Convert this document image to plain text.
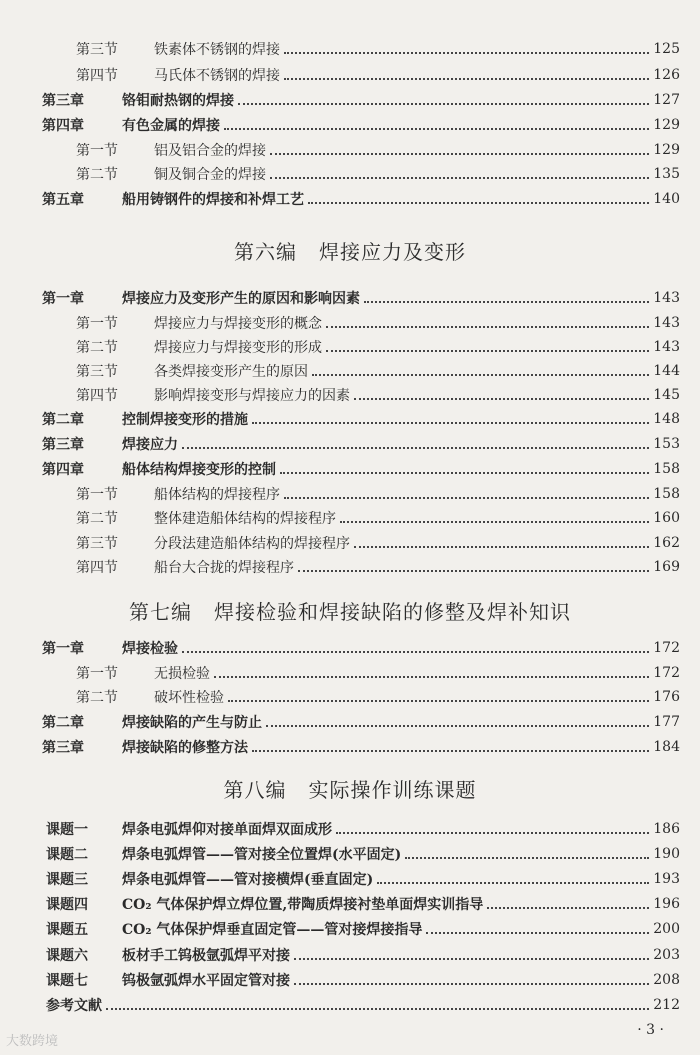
第三节	铁素体不锈钢的焊接	125
第四节	马氏体不锈钢的焊接	126
第三章	铬钼耐热钢的焊接	127
第四章	有色金属的焊接	129
第一节	铝及铝合金的焊接	129
第二节	铜及铜合金的焊接	135
第五章	船用铸钢件的焊接和补焊工艺	140
第六编 焊接应力及变形
第一章	焊接应力及变形产生的原因和影响因素	143
第一节	焊接应力与焊接变形的概念	143
第二节	焊接应力与焊接变形的形成	143
第三节	各类焊接变形产生的原因	144
第四节	影响焊接变形与焊接应力的因素	145
第二章	控制焊接变形的措施	148
第三章	焊接应力	153
第四章	船体结构焊接变形的控制	158
第一节	船体结构的焊接程序	158
第二节	整体建造船体结构的焊接程序	160
第三节	分段法建造船体结构的焊接程序	162
第四节	船台大合拢的焊接程序	169
第七编 焊接检验和焊接缺陷的修整及焊补知识
第一章	焊接检验	172
第一节	无损检验	172
第二节	破坏性检验	176
第二章	焊接缺陷的产生与防止	177
第三章	焊接缺陷的修整方法	184
第八编 实际操作训练课题
课题一	焊条电弧焊仰对接单面焊双面成形	186
课题二	焊条电弧焊管——管对接全位置焊(水平固定)	190
课题三	焊条电弧焊管——管对接横焊(垂直固定)	193
课题四	CO₂ 气体保护焊立焊位置,带陶质焊接衬垫单面焊实训指导	196
课题五	CO₂ 气体保护焊垂直固定管——管对接焊接指导	200
课题六	板材手工钨极氩弧焊平对接	203
课题七	钨极氩弧焊水平固定管对接	208
参考文献	212
· 3 ·
大数跨境
